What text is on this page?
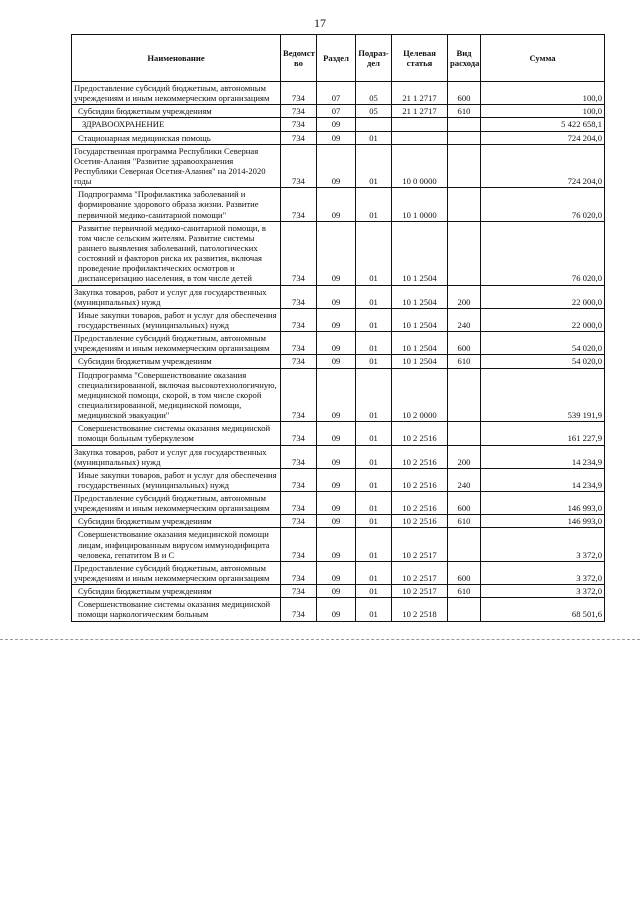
17
Наименование	Ведомст во	Раздел	Подраз- дел	Целевая статья	Вид расхода	Сумма
Предоставление субсидий бюджетным, автономным учреждениям и иным некоммерческим организациям	734	07	05	21 1 2717	600	100,0
Субсидии бюджетным учреждениям	734	07	05	21 1 2717	610	100,0
ЗДРАВООХРАНЕНИЕ	734	09				5 422 658,1
Стационарная медицинская помощь	734	09	01			724 204,0
Государственная программа Республики Северная Осетия-Алания "Развитие здравоохранения Республики Северная Осетия-Алания" на 2014-2020 годы	734	09	01	10 0 0000		724 204,0
Подпрограмма "Профилактика заболеваний и формирование здорового образа жизни. Развитие первичной медико-санитарной помощи"	734	09	01	10 1 0000		76 020,0
Развитие первичной медико-санитарной помощи, в том числе сельским жителям. Развитие системы раннего выявления заболеваний, патологических состояний и факторов риска их развития, включая проведение профилактических осмотров и диспансеризацию населения, в том числе детей	734	09	01	10 1 2504		76 020,0
Закупка товаров, работ и услуг для государственных (муниципальных) нужд	734	09	01	10 1 2504	200	22 000,0
Иные закупки товаров, работ и услуг для обеспечения государственных (муниципальных) нужд	734	09	01	10 1 2504	240	22 000,0
Предоставление субсидий бюджетным, автономным учреждениям и иным некоммерческим организациям	734	09	01	10 1 2504	600	54 020,0
Субсидии бюджетным учреждениям	734	09	01	10 1 2504	610	54 020,0
Подпрограмма "Совершенствование оказания специализированной, включая высокотехнологичную, медицинской помощи, скорой, в том числе скорой специализированной, медицинской помощи, медицинской эвакуации"	734	09	01	10 2 0000		539 191,9
Совершенствование системы оказания медицинской помощи больным туберкулезом	734	09	01	10 2 2516		161 227,9
Закупка товаров, работ и услуг для государственных (муниципальных) нужд	734	09	01	10 2 2516	200	14 234,9
Иные закупки товаров, работ и услуг для обеспечения государственных (муниципальных) нужд	734	09	01	10 2 2516	240	14 234,9
Предоставление субсидий бюджетным, автономным учреждениям и иным некоммерческим организациям	734	09	01	10 2 2516	600	146 993,0
Субсидии бюджетным учреждениям	734	09	01	10 2 2516	610	146 993,0
Совершенствование оказания медицинской помощи лицам, инфицированным вирусом иммунодифицита человека, гепатитом В и С	734	09	01	10 2 2517		3 372,0
Предоставление субсидий бюджетным, автономным учреждениям и иным некоммерческим организациям	734	09	01	10 2 2517	600	3 372,0
Субсидии бюджетным учреждениям	734	09	01	10 2 2517	610	3 372,0
Совершенствование системы оказания медицинской помощи наркологическим больным	734	09	01	10 2 2518		68 501,6
